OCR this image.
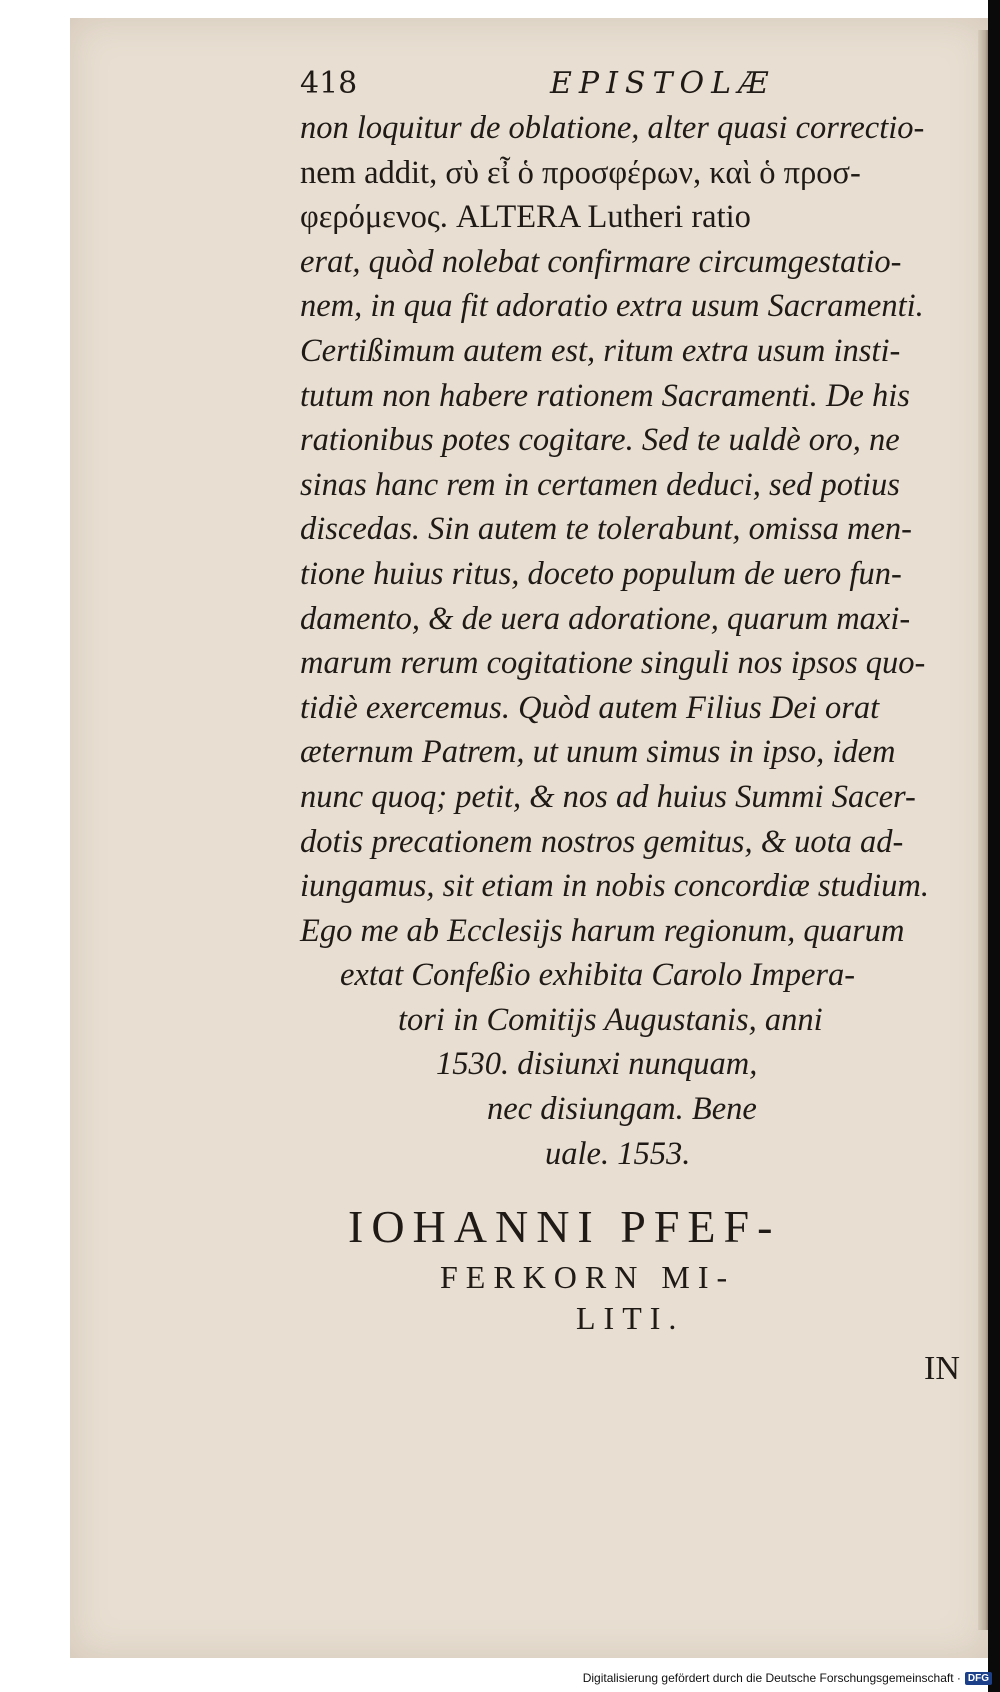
418	EPISTOLÆ
non loquitur de oblatione, alter quasi correctio-
nem addit, σὺ εἶ ὁ προσφέρων, καὶ ὁ προσ-
φερόμενος. ALTERA Lutheri ratio
erat, quòd nolebat confirmare circumgestatio-
nem, in qua fit adoratio extra usum Sacramenti.
Certißimum autem est, ritum extra usum insti-
tutum non habere rationem Sacramenti. De his
rationibus potes cogitare. Sed te ualdè oro, ne
sinas hanc rem in certamen deduci, sed potius
discedas. Sin autem te tolerabunt, omissa men-
tione huius ritus, doceto populum de uero fun-
damento, & de uera adoratione, quarum maxi-
marum rerum cogitatione singuli nos ipsos quo-
tidiè exercemus. Quòd autem Filius Dei orat
æternum Patrem, ut unum simus in ipso, idem
nunc quoq; petit, & nos ad huius Summi Sacer-
dotis precationem nostros gemitus, & uota ad-
iungamus, sit etiam in nobis concordiæ studium.
Ego me ab Ecclesijs harum regionum, quarum
extat Confeßio exhibita Carolo Impera-
tori in Comitijs Augustanis, anni
1530. disiunxi nunquam,
nec disiungam. Bene
uale. 1553.
IOHANNI PFEF-
FERKORN MI-
LITI.
IN
Digitalisierung gefördert durch die Deutsche Forschungsgemeinschaft · DFG
